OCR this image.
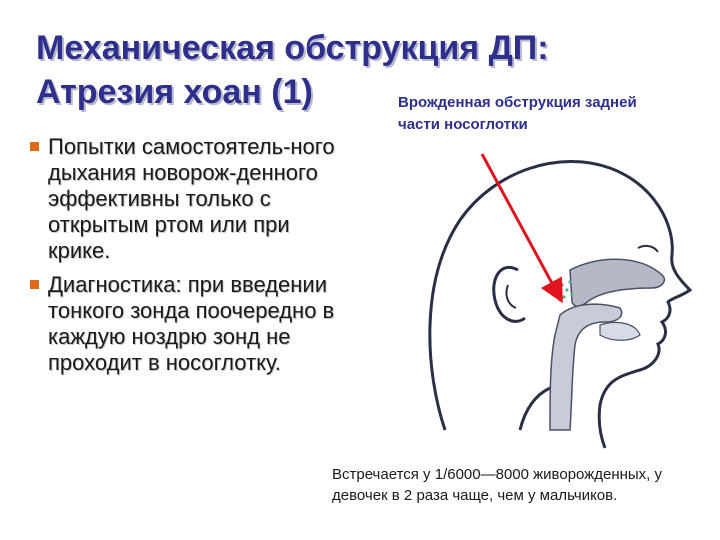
Механическая обструкция ДП:
Атрезия хоан (1)
Попытки самостоятель-ного дыхания новорож-денного эффективны только с открытым ртом или при крике.
Диагностика: при введении тонкого зонда поочередно в каждую ноздрю зонд не проходит в носоглотку.
Врожденная обструкция задней части носоглотки
Встречается у 1/6000—8000 живорожденных, у девочек в 2 раза чаще, чем у мальчиков.
